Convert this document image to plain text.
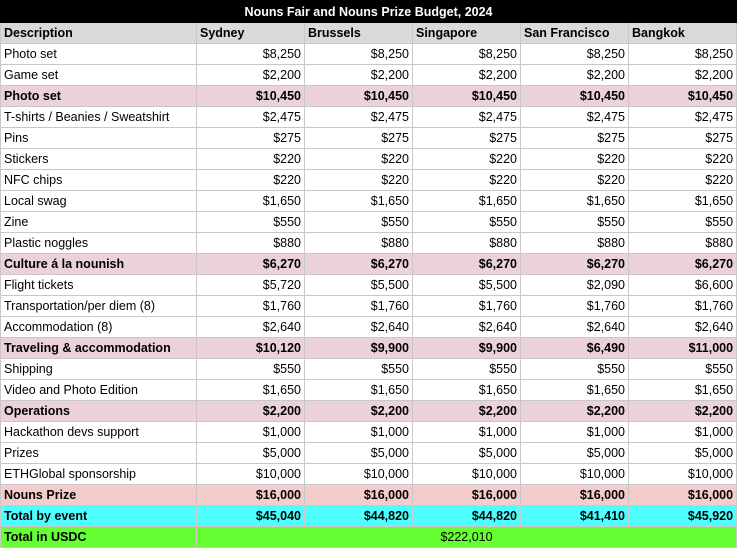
Nouns Fair and Nouns Prize Budget, 2024					
Description	Sydney	Brussels	Singapore	San Francisco	Bangkok
Photo set	$8,250	$8,250	$8,250	$8,250	$8,250
Game set	$2,200	$2,200	$2,200	$2,200	$2,200
Photo set	$10,450	$10,450	$10,450	$10,450	$10,450
T-shirts / Beanies / Sweatshirt	$2,475	$2,475	$2,475	$2,475	$2,475
Pins	$275	$275	$275	$275	$275
Stickers	$220	$220	$220	$220	$220
NFC chips	$220	$220	$220	$220	$220
Local swag	$1,650	$1,650	$1,650	$1,650	$1,650
Zine	$550	$550	$550	$550	$550
Plastic noggles	$880	$880	$880	$880	$880
Culture á la nounish	$6,270	$6,270	$6,270	$6,270	$6,270
Flight tickets	$5,720	$5,500	$5,500	$2,090	$6,600
Transportation/per diem (8)	$1,760	$1,760	$1,760	$1,760	$1,760
Accommodation (8)	$2,640	$2,640	$2,640	$2,640	$2,640
Traveling & accommodation	$10,120	$9,900	$9,900	$6,490	$11,000
Shipping	$550	$550	$550	$550	$550
Video and Photo Edition	$1,650	$1,650	$1,650	$1,650	$1,650
Operations	$2,200	$2,200	$2,200	$2,200	$2,200
Hackathon devs support	$1,000	$1,000	$1,000	$1,000	$1,000
Prizes	$5,000	$5,000	$5,000	$5,000	$5,000
ETHGlobal sponsorship	$10,000	$10,000	$10,000	$10,000	$10,000
Nouns Prize	$16,000	$16,000	$16,000	$16,000	$16,000
Total by event	$45,040	$44,820	$44,820	$41,410	$45,920
Total in USDC	$222,010				
